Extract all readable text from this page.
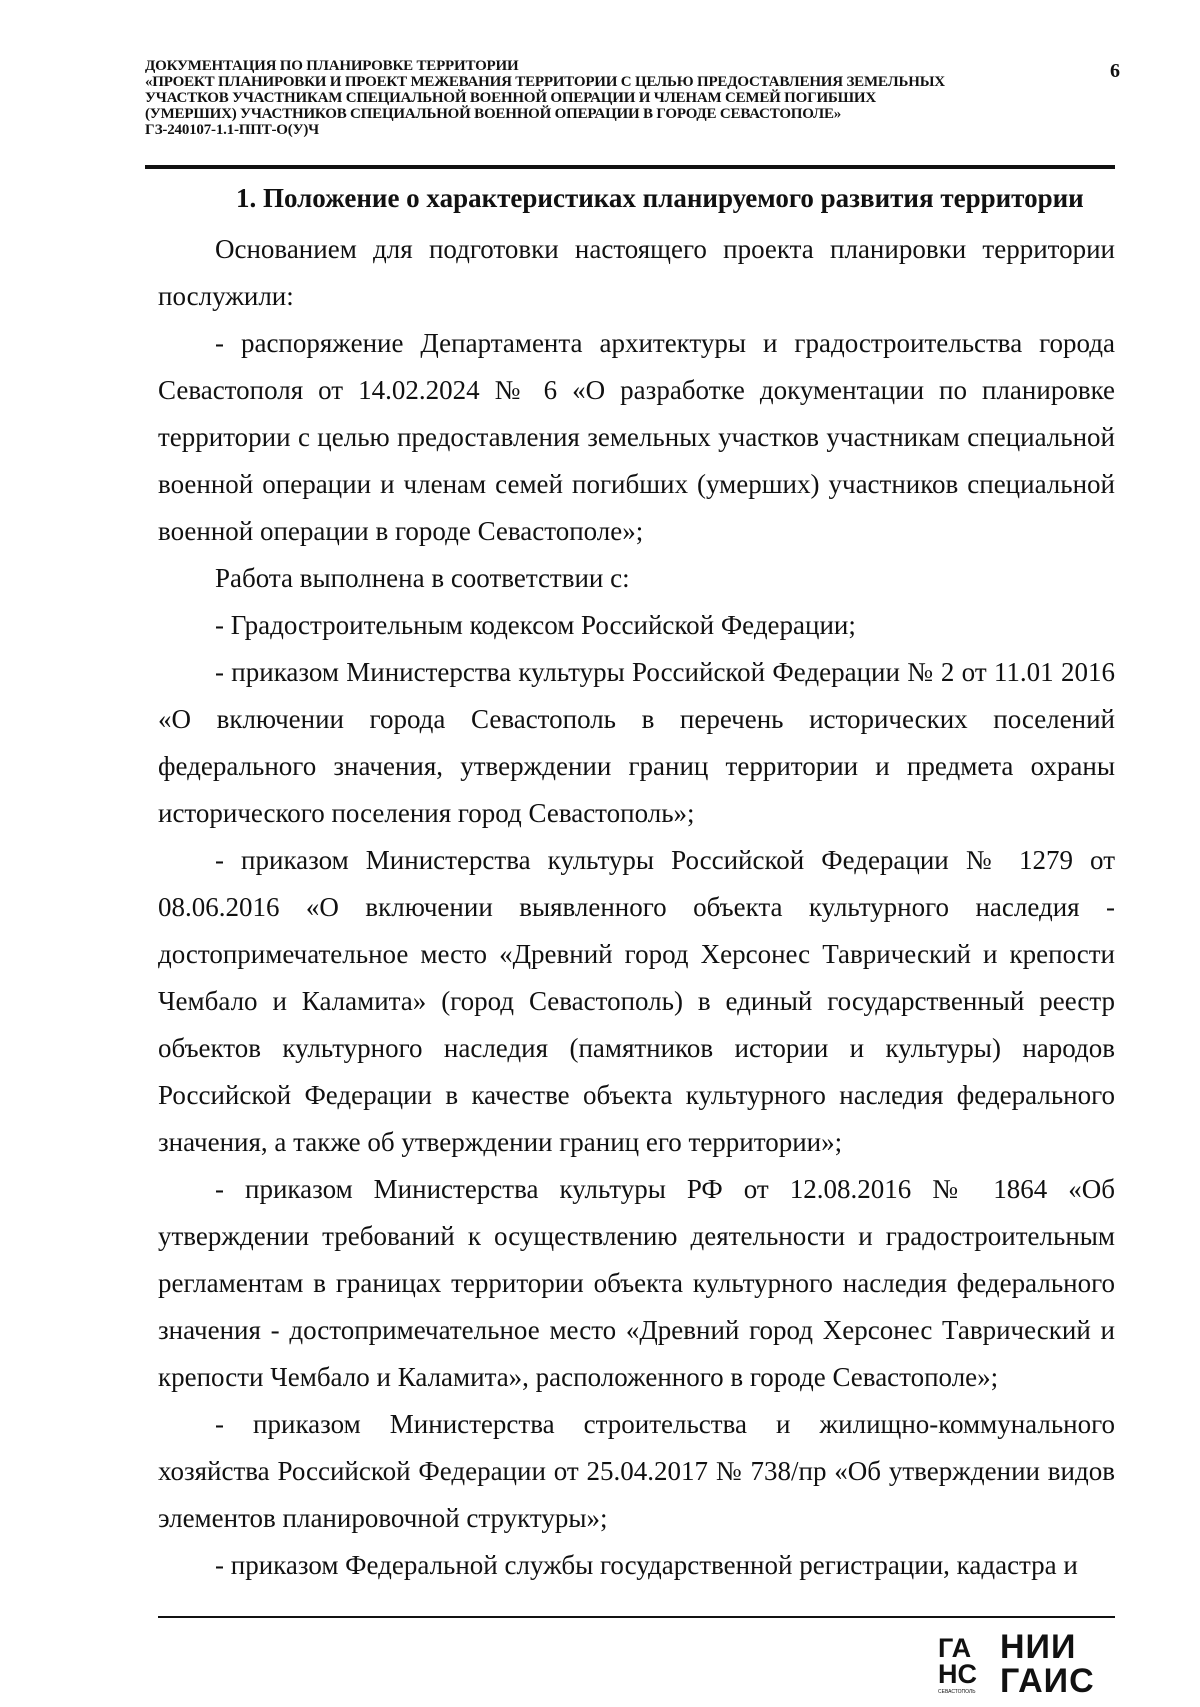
ДОКУМЕНТАЦИЯ ПО ПЛАНИРОВКЕ ТЕРРИТОРИИ
«ПРОЕКТ ПЛАНИРОВКИ И ПРОЕКТ МЕЖЕВАНИЯ ТЕРРИТОРИИ С ЦЕЛЬЮ ПРЕДОСТАВЛЕНИЯ ЗЕМЕЛЬНЫХ
УЧАСТКОВ УЧАСТНИКАМ СПЕЦИАЛЬНОЙ ВОЕННОЙ ОПЕРАЦИИ И ЧЛЕНАМ СЕМЕЙ ПОГИБШИХ
(УМЕРШИХ) УЧАСТНИКОВ СПЕЦИАЛЬНОЙ ВОЕННОЙ ОПЕРАЦИИ В ГОРОДЕ СЕВАСТОПОЛЕ»
ГЗ-240107-1.1-ППТ-О(У)Ч
6
1. Положение о характеристиках планируемого развития территории

Основанием для подготовки настоящего проекта планировки территории послужили:

- распоряжение Департамента архитектуры и градостроительства города Севастополя от 14.02.2024 № 6 «О разработке документации по планировке территории с целью предоставления земельных участков участникам специальной военной операции и членам семей погибших (умерших) участников специальной военной операции в городе Севастополе»;

Работа выполнена в соответствии с:

- Градостроительным кодексом Российской Федерации;

- приказом Министерства культуры Российской Федерации № 2 от 11.01 2016 «О включении города Севастополь в перечень исторических поселений федерального значения, утверждении границ территории и предмета охраны исторического поселения город Севастополь»;

- приказом Министерства культуры Российской Федерации № 1279 от 08.06.2016 «О включении выявленного объекта культурного наследия - достопримечательное место «Древний город Херсонес Таврический и крепости Чембало и Каламита» (город Севастополь) в единый государственный реестр объектов культурного наследия (памятников истории и культуры) народов Российской Федерации в качестве объекта культурного наследия федерального значения, а также об утверждении границ его территории»;

- приказом Министерства культуры РФ от 12.08.2016 № 1864 «Об утверждении требований к осуществлению деятельности и градостроительным регламентам в границах территории объекта культурного наследия федерального значения - достопримечательное место «Древний город Херсонес Таврический и крепости Чембало и Каламита», расположенного в городе Севастополе»;

- приказом Министерства строительства и жилищно-коммунального хозяйства Российской Федерации от 25.04.2017 № 738/пр «Об утверждении видов элементов планировочной структуры»;

- приказом Федеральной службы государственной регистрации, кадастра и

ГА
НС
СЕВАСТОПОЛЬ
НИИ
ГАИС
